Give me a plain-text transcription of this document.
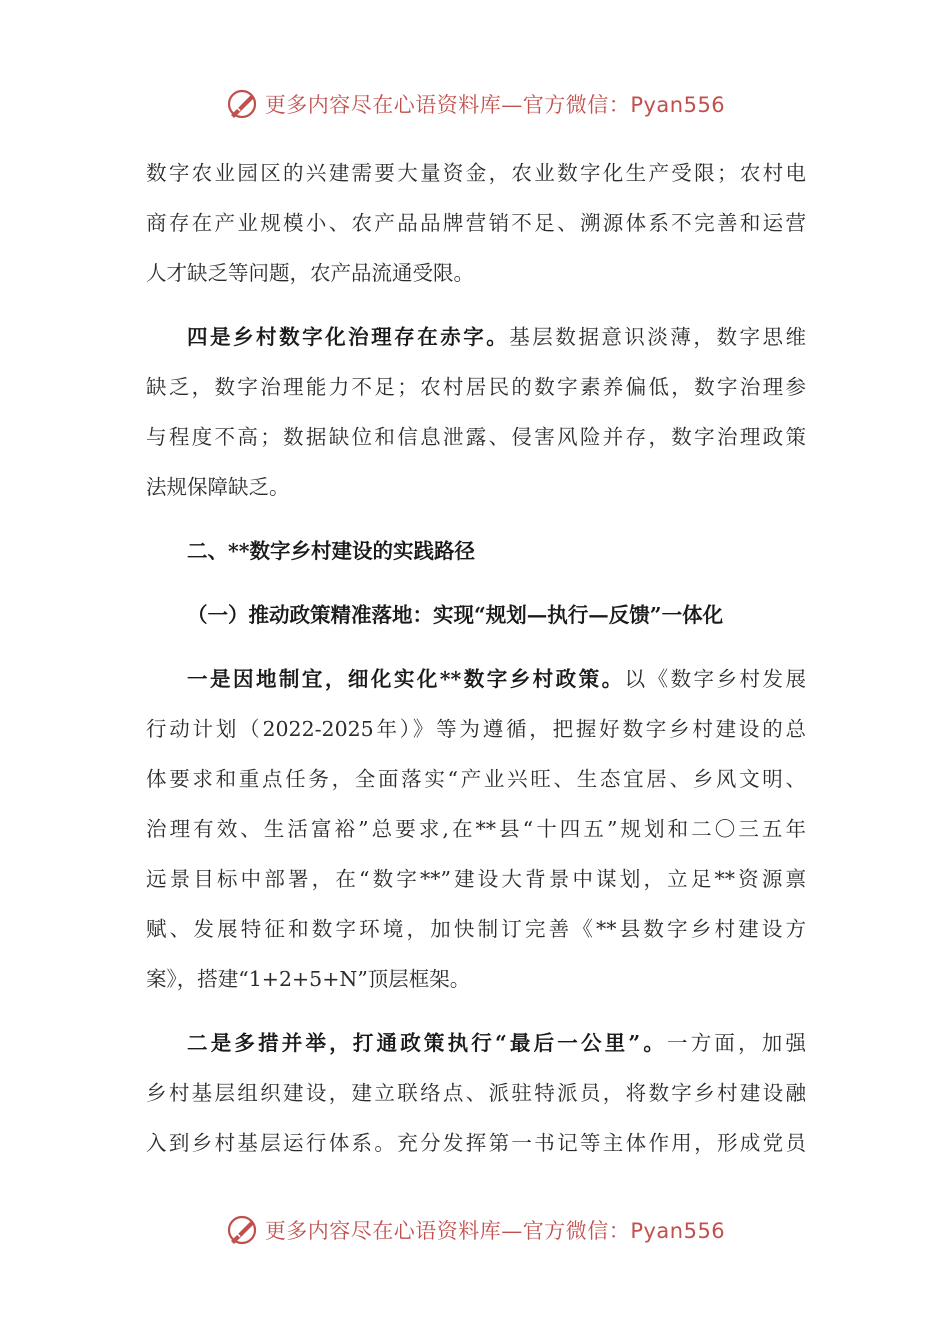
更多内容尽在心语资料库—官方微信：Pyan556
数字农业园区的兴建需要大量资金，农业数字化生产受限；农村电
商存在产业规模小、农产品品牌营销不足、溯源体系不完善和运营
人才缺乏等问题，农产品流通受限。
四是乡村数字化治理存在赤字。基层数据意识淡薄，数字思维
缺乏，数字治理能力不足；农村居民的数字素养偏低，数字治理参
与程度不高；数据缺位和信息泄露、侵害风险并存，数字治理政策
法规保障缺乏。
二、**数字乡村建设的实践路径
（一）推动政策精准落地：实现“规划—执行—反馈”一体化
一是因地制宜，细化实化**数字乡村政策。以《数字乡村发展
行动计划（2022-2025年）》等为遵循，把握好数字乡村建设的总
体要求和重点任务，全面落实“产业兴旺、生态宜居、乡风文明、
治理有效、生活富裕”总要求,在**县“十四五”规划和二〇三五年
远景目标中部署，在“数字**”建设大背景中谋划，立足**资源禀
赋、发展特征和数字环境，加快制订完善《**县数字乡村建设方
案》，搭建“1+2+5+N”顶层框架。
二是多措并举，打通政策执行“最后一公里”。一方面，加强
乡村基层组织建设，建立联络点、派驻特派员，将数字乡村建设融
入到乡村基层运行体系。充分发挥第一书记等主体作用，形成党员
更多内容尽在心语资料库—官方微信：Pyan556
